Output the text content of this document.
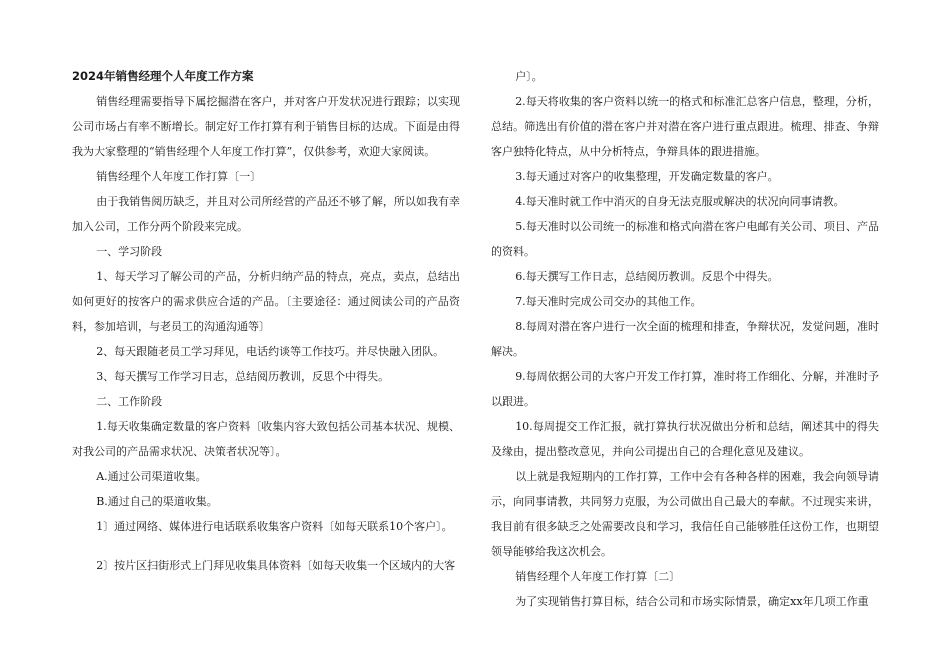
2024年销售经理个人年度工作方案

销售经理需要指导下属挖掘潜在客户，并对客户开发状况进行跟踪；以实现公司市场占有率不断增长。制定好工作打算有利于销售目标的达成。下面是由得我为大家整理的“销售经理个人年度工作打算”，仅供参考，欢迎大家阅读。

销售经理个人年度工作打算〔一〕

由于我销售阅历缺乏，并且对公司所经营的产品还不够了解，所以如我有幸加入公司，工作分两个阶段来完成。

一、学习阶段

1、每天学习了解公司的产品，分析归纳产品的特点，亮点，卖点，总结出如何更好的按客户的需求供应合适的产品。〔主要途径：通过阅读公司的产品资料，参加培训，与老员工的沟通沟通等〕

2、每天跟随老员工学习拜见，电话约谈等工作技巧。并尽快融入团队。

3、每天撰写工作学习日志，总结阅历教训，反思个中得失。

二、工作阶段

1.每天收集确定数量的客户资料〔收集内容大致包括公司基本状况、规模、对我公司的产品需求状况、决策者状况等〕。

A.通过公司渠道收集。

B.通过自己的渠道收集。

1〕通过网络、媒体进行电话联系收集客户资料〔如每天联系10个客户〕。

2〕按片区扫街形式上门拜见收集具体资料〔如每天收集一个区域内的大客

户〕。

2.每天将收集的客户资料以统一的格式和标准汇总客户信息，整理，分析，总结。筛选出有价值的潜在客户并对潜在客户进行重点跟进。梳理、排查、争辩客户独特化特点，从中分析特点，争辩具体的跟进措施。

3.每天通过对客户的收集整理，开发确定数量的客户。

4.每天准时就工作中消灭的自身无法克服或解决的状况向同事请教。

5.每天准时以公司统一的标准和格式向潜在客户电邮有关公司、项目、产品的资料。

6.每天撰写工作日志，总结阅历教训。反思个中得失。

7.每天准时完成公司交办的其他工作。

8.每周对潜在客户进行一次全面的梳理和排查，争辩状况，发觉问题，准时解决。

9.每周依据公司的大客户开发工作打算，准时将工作细化、分解，并准时予以跟进。

10.每周提交工作汇报，就打算执行状况做出分析和总结，阐述其中的得失及缘由，提出整改意见，并向公司提出自己的合理化意见及建议。

以上就是我短期内的工作打算，工作中会有各种各样的困难，我会向领导请示，向同事请教，共同努力克服，为公司做出自己最大的奉献。不过现实来讲，我目前有很多缺乏之处需要改良和学习，我信任自己能够胜任这份工作，也期望领导能够给我这次机会。

销售经理个人年度工作打算〔二〕

为了实现销售打算目标，结合公司和市场实际情景，确定xx年几项工作重
